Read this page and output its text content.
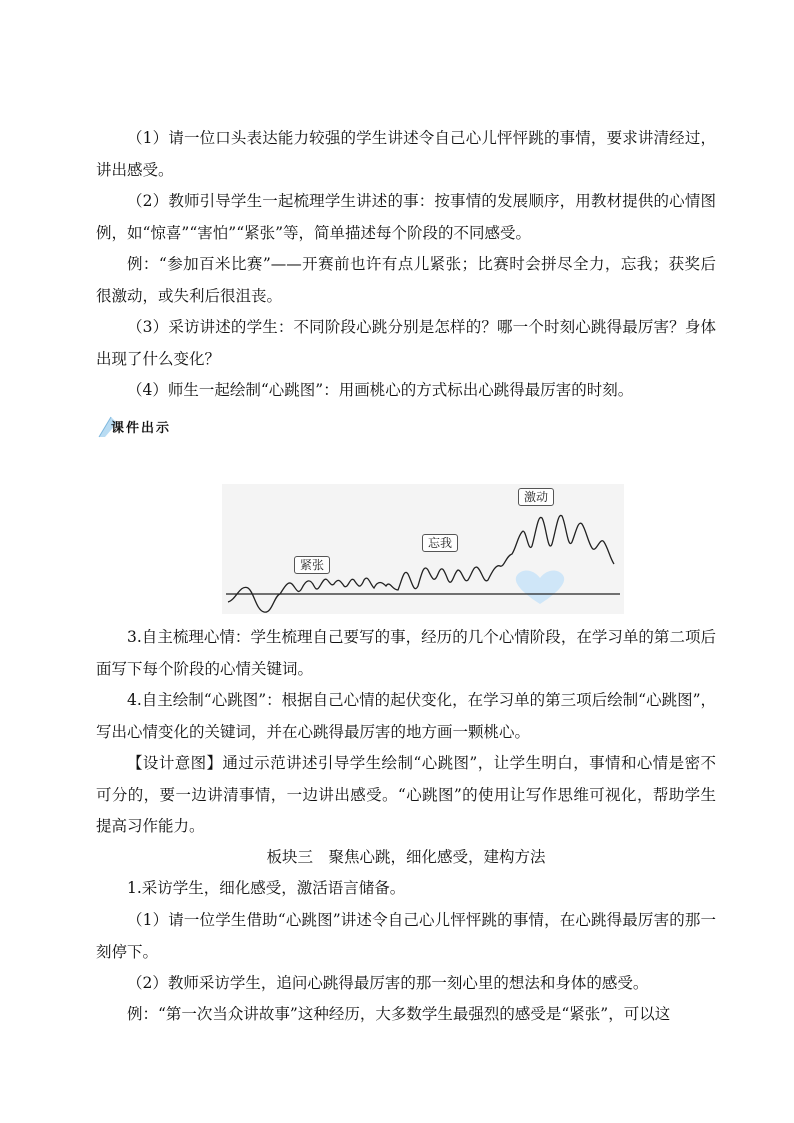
（1）请一位口头表达能力较强的学生讲述令自己心儿怦怦跳的事情，要求讲清经过，讲出感受。

（2）教师引导学生一起梳理学生讲述的事：按事情的发展顺序，用教材提供的心情图例，如“惊喜”“害怕”“紧张”等，简单描述每个阶段的不同感受。

例：“参加百米比赛”——开赛前也许有点儿紧张；比赛时会拼尽全力，忘我；获奖后很激动，或失利后很沮丧。

（3）采访讲述的学生：不同阶段心跳分别是怎样的？哪一个时刻心跳得最厉害？身体出现了什么变化？

（4）师生一起绘制“心跳图”：用画桃心的方式标出心跳得最厉害的时刻。

课件出示
紧张
忘我
激动

3.自主梳理心情：学生梳理自己要写的事，经历的几个心情阶段，在学习单的第二项后面写下每个阶段的心情关键词。

4.自主绘制“心跳图”：根据自己心情的起伏变化，在学习单的第三项后绘制“心跳图”，写出心情变化的关键词，并在心跳得最厉害的地方画一颗桃心。

【设计意图】通过示范讲述引导学生绘制“心跳图”，让学生明白，事情和心情是密不可分的，要一边讲清事情，一边讲出感受。“心跳图”的使用让写作思维可视化，帮助学生提高习作能力。

板块三　聚焦心跳，细化感受，建构方法

1.采访学生，细化感受，激活语言储备。

（1）请一位学生借助“心跳图”讲述令自己心儿怦怦跳的事情，在心跳得最厉害的那一刻停下。

（2）教师采访学生，追问心跳得最厉害的那一刻心里的想法和身体的感受。

例：“第一次当众讲故事”这种经历，大多数学生最强烈的感受是“紧张”，可以这
